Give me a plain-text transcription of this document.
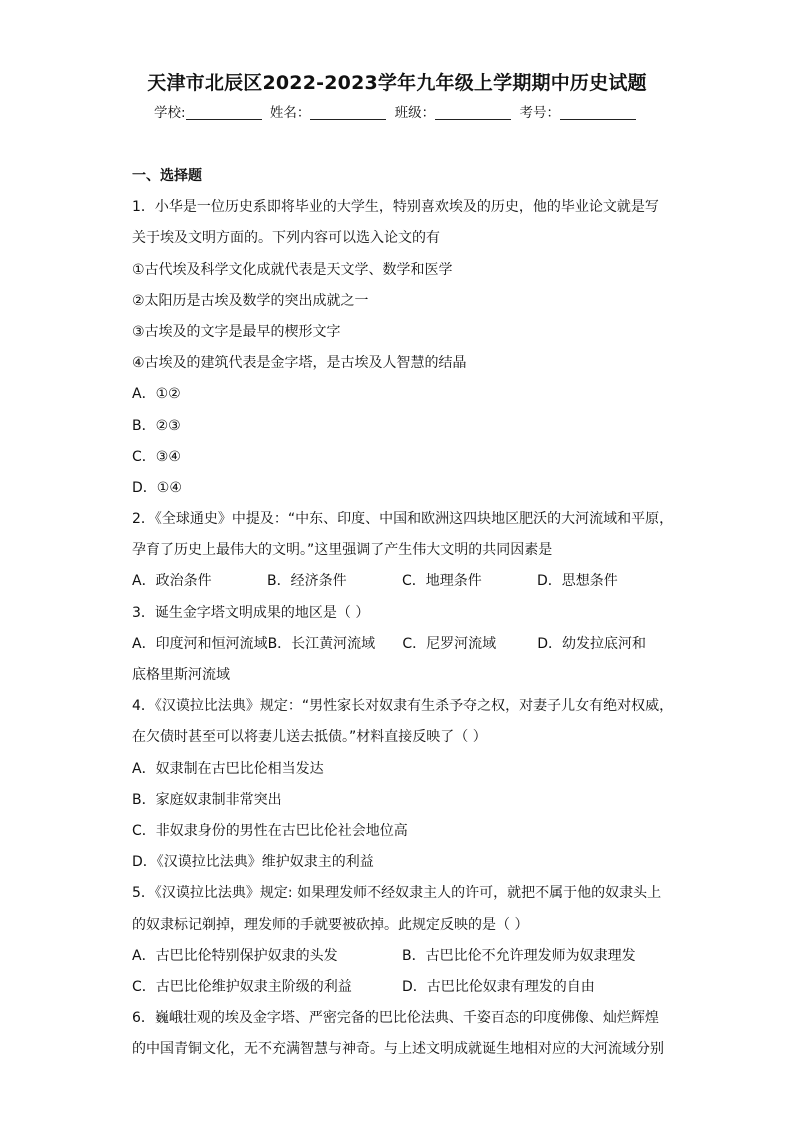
天津市北辰区2022-2023学年九年级上学期期中历史试题
学校:	姓名：	班级：	考号：
一、选择题
1．小华是一位历史系即将毕业的大学生，特别喜欢埃及的历史，他的毕业论文就是写
关于埃及文明方面的。下列内容可以选入论文的有
①古代埃及科学文化成就代表是天文学、数学和医学
②太阳历是古埃及数学的突出成就之一
③古埃及的文字是最早的楔形文字
④古埃及的建筑代表是金字塔，是古埃及人智慧的结晶
A．①②
B．②③
C．③④
D．①④
2．《全球通史》中提及：“中东、印度、中国和欧洲这四块地区肥沃的大河流域和平原，
孕育了历史上最伟大的文明。”这里强调了产生伟大文明的共同因素是
A．政治条件	B．经济条件	C．地理条件	D．思想条件
3．诞生金字塔文明成果的地区是（ ）
A．印度河和恒河流域 B．长江黄河流域	C．尼罗河流域	D．幼发拉底河和
底格里斯河流域
4．《汉谟拉比法典》规定：“男性家长对奴隶有生杀予夺之权，对妻子儿女有绝对权威，
在欠债时甚至可以将妻儿送去抵债。”材料直接反映了（ ）
A．奴隶制在古巴比伦相当发达
B．家庭奴隶制非常突出
C．非奴隶身份的男性在古巴比伦社会地位高
D．《汉谟拉比法典》维护奴隶主的利益
5．《汉谟拉比法典》规定: 如果理发师不经奴隶主人的许可，就把不属于他的奴隶头上
的奴隶标记剃掉，理发师的手就要被砍掉。此规定反映的是（ ）
A．古巴比伦特别保护奴隶的头发	B．古巴比伦不允许理发师为奴隶理发
C．古巴比伦维护奴隶主阶级的利益	D．古巴比伦奴隶有理发的自由
6．巍峨壮观的埃及金字塔、严密完备的巴比伦法典、千姿百态的印度佛像、灿烂辉煌
的中国青铜文化，无不充满智慧与神奇。与上述文明成就诞生地相对应的大河流域分别
